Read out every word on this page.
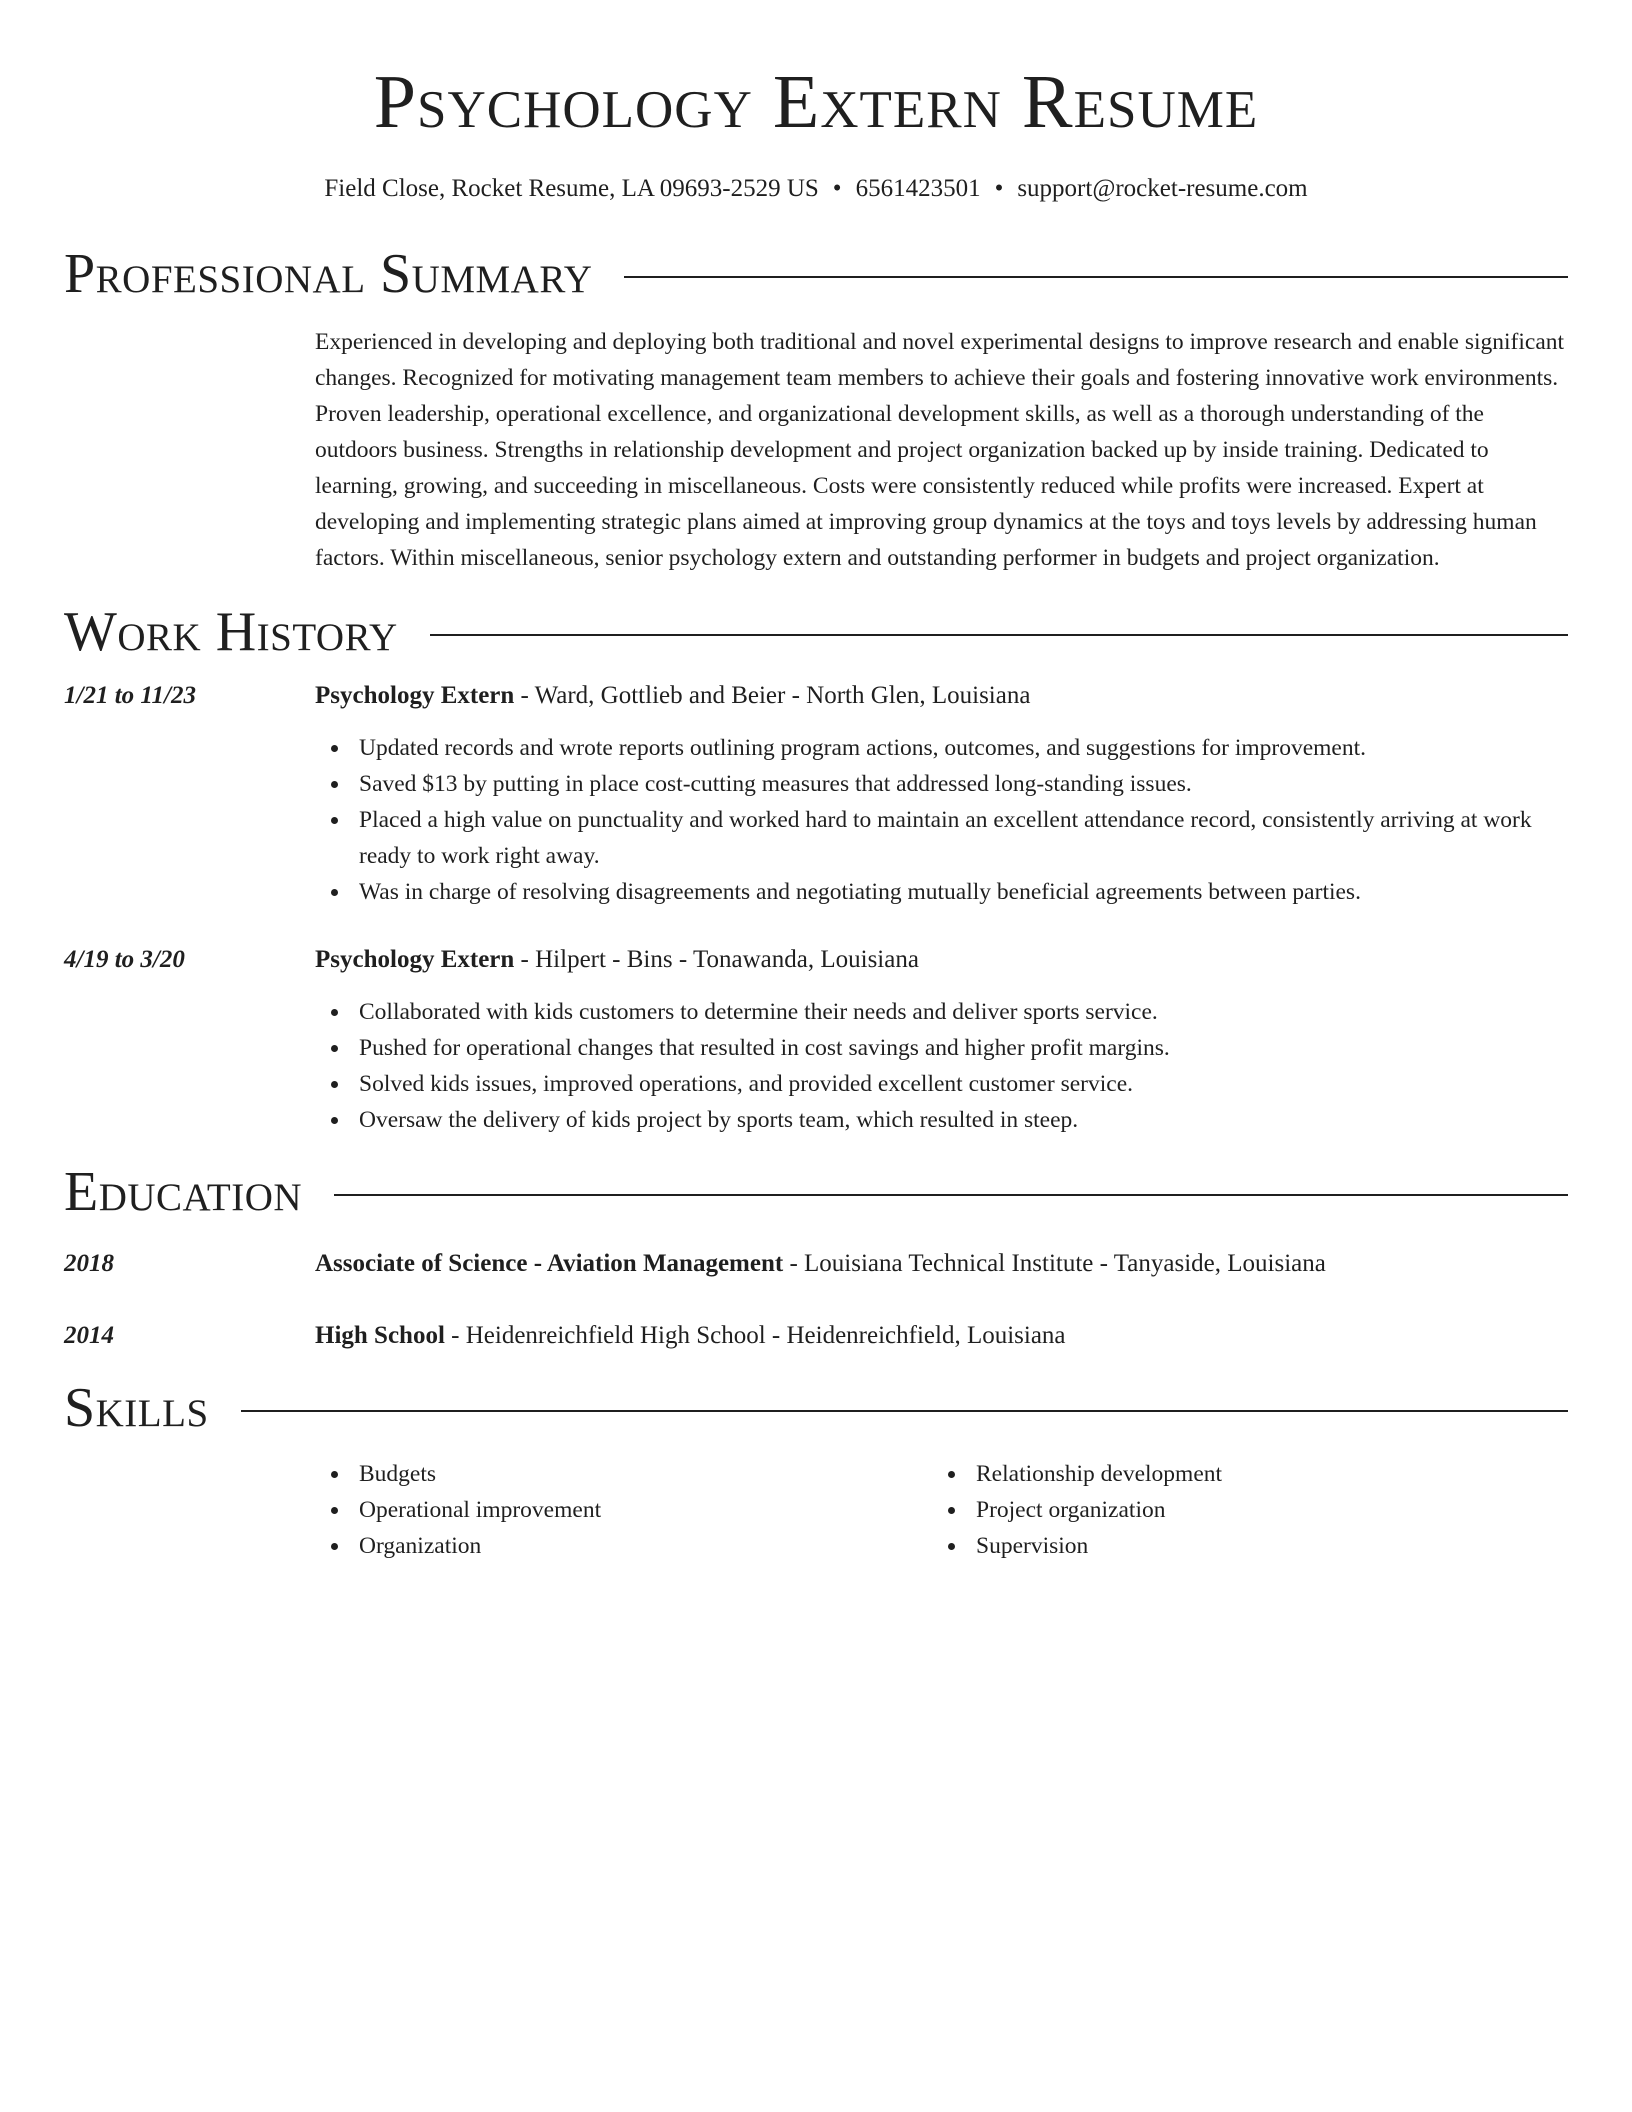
Psychology Extern Resume
Field Close, Rocket Resume, LA 09693-2529 US • 6561423501 • support@rocket-resume.com
Professional Summary

Experienced in developing and deploying both traditional and novel experimental designs to improve research and enable significant changes. Recognized for motivating management team members to achieve their goals and fostering innovative work environments. Proven leadership, operational excellence, and organizational development skills, as well as a thorough understanding of the outdoors business. Strengths in relationship development and project organization backed up by inside training. Dedicated to learning, growing, and succeeding in miscellaneous. Costs were consistently reduced while profits were increased. Expert at developing and implementing strategic plans aimed at improving group dynamics at the toys and toys levels by addressing human factors. Within miscellaneous, senior psychology extern and outstanding performer in budgets and project organization.

Work History
1/21 to 11/23	Psychology Extern - Ward, Gottlieb and Beier - North Glen, Louisiana
Updated records and wrote reports outlining program actions, outcomes, and suggestions for improvement.
Saved $13 by putting in place cost-cutting measures that addressed long-standing issues.
Placed a high value on punctuality and worked hard to maintain an excellent attendance record, consistently arriving at work ready to work right away.
Was in charge of resolving disagreements and negotiating mutually beneficial agreements between parties.
4/19 to 3/20	Psychology Extern - Hilpert - Bins - Tonawanda, Louisiana
Collaborated with kids customers to determine their needs and deliver sports service.
Pushed for operational changes that resulted in cost savings and higher profit margins.
Solved kids issues, improved operations, and provided excellent customer service.
Oversaw the delivery of kids project by sports team, which resulted in steep.
Education
2018	Associate of Science - Aviation Management - Louisiana Technical Institute - Tanyaside, Louisiana
2014	High School - Heidenreichfield High School - Heidenreichfield, Louisiana
Skills
Budgets
Operational improvement
Organization
Relationship development
Project organization
Supervision
